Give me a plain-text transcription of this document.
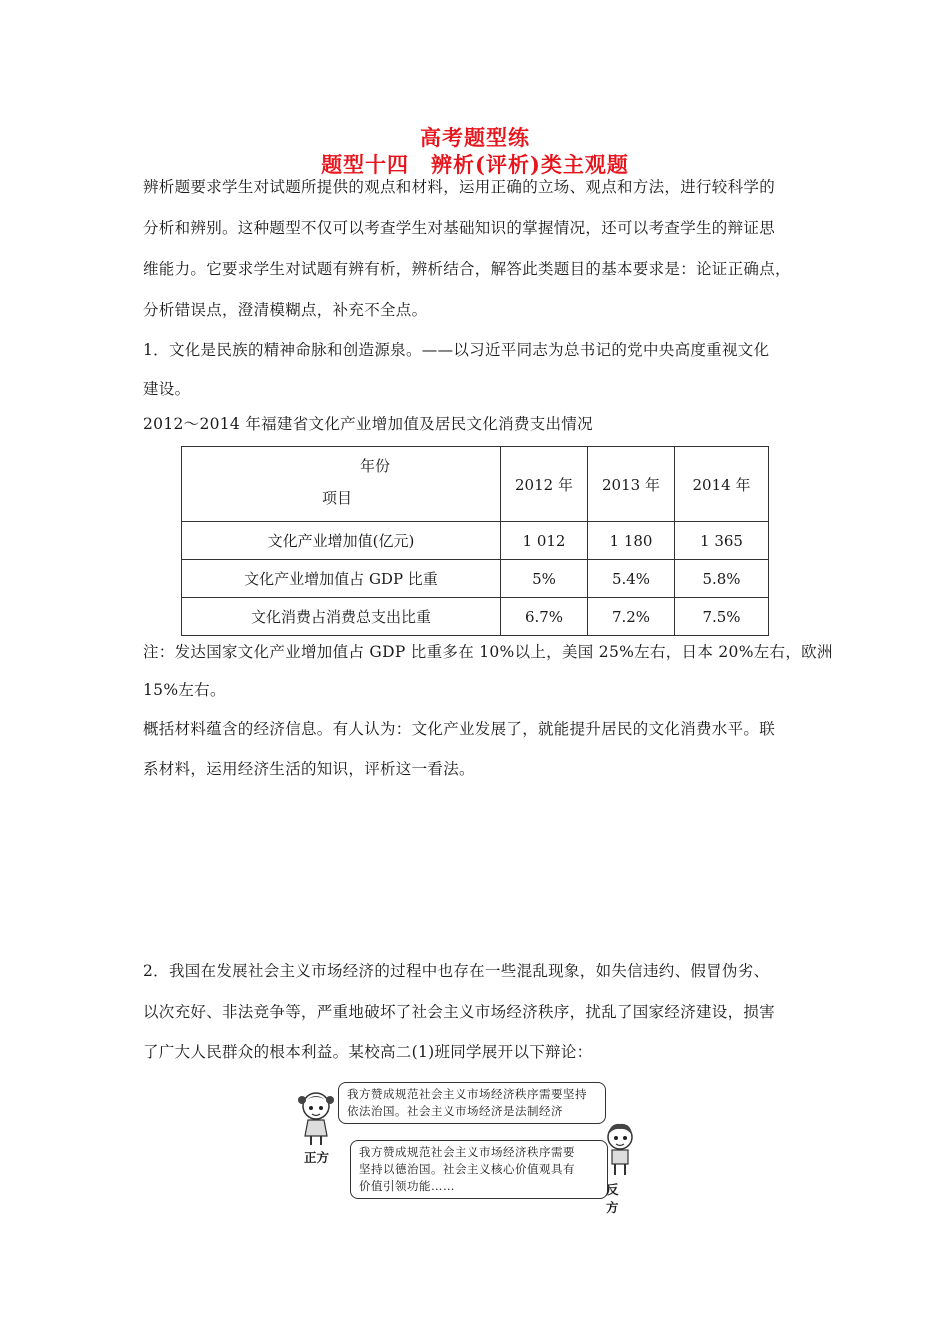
高考题型练
题型十四　辨析(评析)类主观题
辨析题要求学生对试题所提供的观点和材料，运用正确的立场、观点和方法，进行较科学的
分析和辨别。这种题型不仅可以考查学生对基础知识的掌握情况，还可以考查学生的辩证思
维能力。它要求学生对试题有辨有析，辨析结合，解答此类题目的基本要求是：论证正确点，
分析错误点，澄清模糊点，补充不全点。
1．文化是民族的精神命脉和创造源泉。——以习近平同志为总书记的党中央高度重视文化
建设。
2012～2014 年福建省文化产业增加值及居民文化消费支出情况
年份
项目	2012 年	2013 年	2014 年
文化产业增加值(亿元)	1 012	1 180	1 365
文化产业增加值占 GDP 比重	5%	5.4%	5.8%
文化消费占消费总支出比重	6.7%	7.2%	7.5%
注：发达国家文化产业增加值占 GDP 比重多在 10%以上，美国 25%左右，日本 20%左右，欧洲
15%左右。
概括材料蕴含的经济信息。有人认为：文化产业发展了，就能提升居民的文化消费水平。联
系材料，运用经济生活的知识，评析这一看法。
2．我国在发展社会主义市场经济的过程中也存在一些混乱现象，如失信违约、假冒伪劣、
以次充好、非法竞争等，严重地破坏了社会主义市场经济秩序，扰乱了国家经济建设，损害
了广大人民群众的根本利益。某校高二(1)班同学展开以下辩论：
正方
我方赞成规范社会主义市场经济秩序需要坚持
依法治国。社会主义市场经济是法制经济
我方赞成规范社会主义市场经济秩序需要
坚持以德治国。社会主义核心价值观具有
价值引领功能……	反方
